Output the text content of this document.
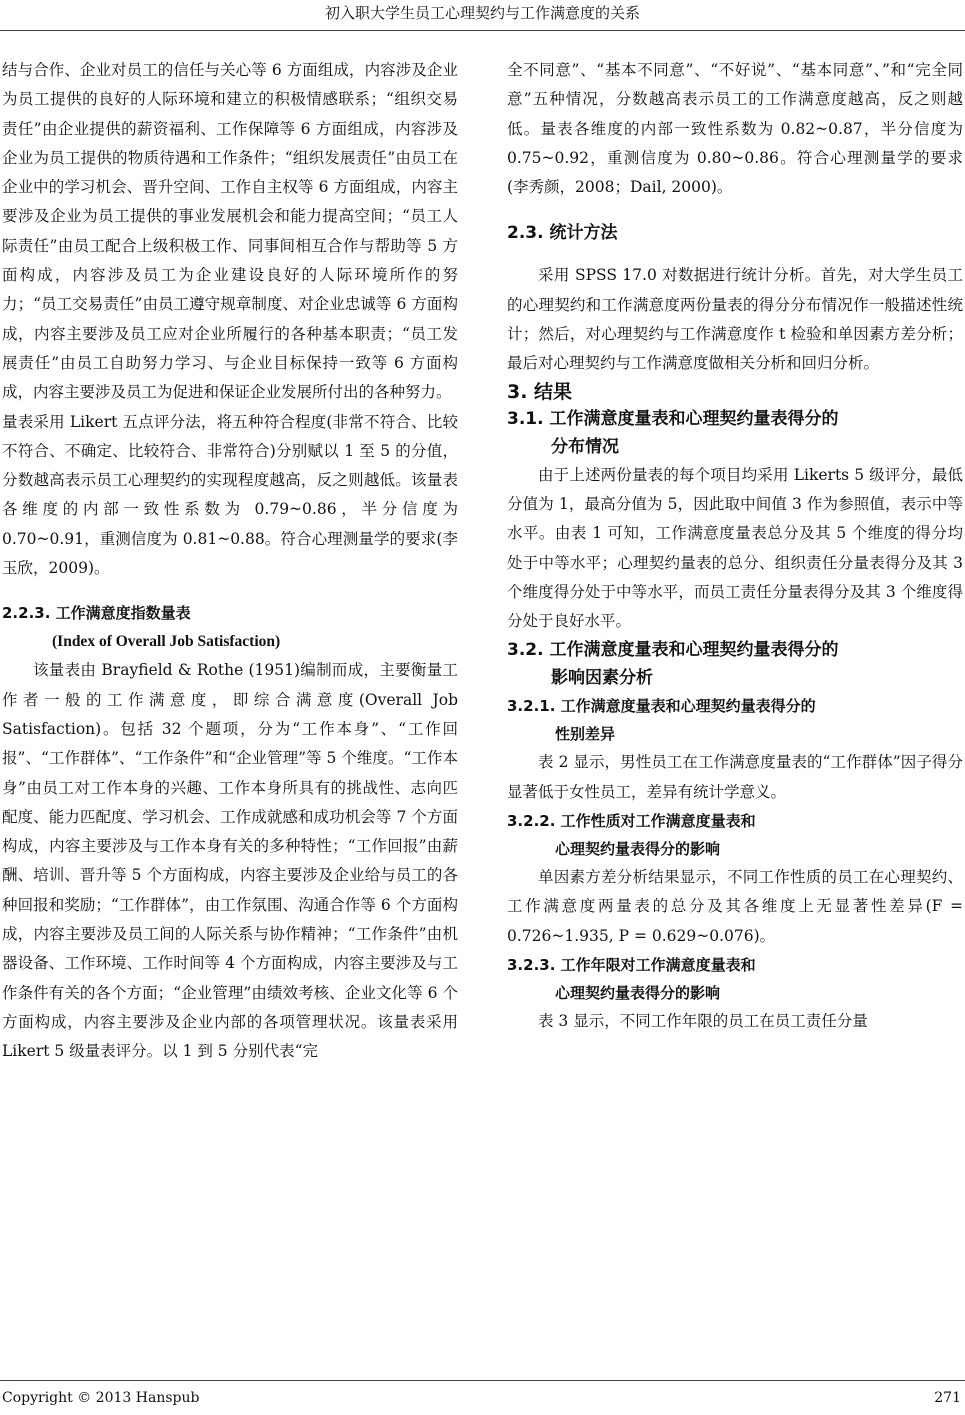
初入职大学生员工心理契约与工作满意度的关系

结与合作、企业对员工的信任与关心等 6 方面组成，内容涉及企业为员工提供的良好的人际环境和建立的积极情感联系；“组织交易责任”由企业提供的薪资福利、工作保障等 6 方面组成，内容涉及企业为员工提供的物质待遇和工作条件；“组织发展责任”由员工在企业中的学习机会、晋升空间、工作自主权等 6 方面组成，内容主要涉及企业为员工提供的事业发展机会和能力提高空间；“员工人际责任”由员工配合上级积极工作、同事间相互合作与帮助等 5 方面构成，内容涉及员工为企业建设良好的人际环境所作的努力；“员工交易责任”由员工遵守规章制度、对企业忠诚等 6 方面构成，内容主要涉及员工应对企业所履行的各种基本职责；“员工发展责任”由员工自助努力学习、与企业目标保持一致等 6 方面构成，内容主要涉及员工为促进和保证企业发展所付出的各种努力。

量表采用 Likert 五点评分法，将五种符合程度(非常不符合、比较不符合、不确定、比较符合、非常符合)分别赋以 1 至 5 的分值，分数越高表示员工心理契约的实现程度越高，反之则越低。该量表各维度的内部一致性系数为 0.79~0.86，半分信度为 0.70~0.91，重测信度为 0.81~0.88。符合心理测量学的要求(李玉欣，2009)。

2.2.3. 工作满意度指数量表

(Index of Overall Job Satisfaction)

该量表由 Brayfield & Rothe (1951)编制而成，主要衡量工作者一般的工作满意度，即综合满意度(Overall Job Satisfaction)。包括 32 个题项，分为“工作本身”、“工作回报”、“工作群体”、“工作条件”和“企业管理”等 5 个维度。“工作本身”由员工对工作本身的兴趣、工作本身所具有的挑战性、志向匹配度、能力匹配度、学习机会、工作成就感和成功机会等 7 个方面构成，内容主要涉及与工作本身有关的多种特性；“工作回报”由薪酬、培训、晋升等 5 个方面构成，内容主要涉及企业给与员工的各种回报和奖励；“工作群体”，由工作氛围、沟通合作等 6 个方面构成，内容主要涉及员工间的人际关系与协作精神；“工作条件”由机器设备、工作环境、工作时间等 4 个方面构成，内容主要涉及与工作条件有关的各个方面；“企业管理”由绩效考核、企业文化等 6 个方面构成，内容主要涉及企业内部的各项管理状况。该量表采用 Likert 5 级量表评分。以 1 到 5 分别代表“完

全不同意”、“基本不同意”、“不好说”、“基本同意”、”和“完全同意”五种情况，分数越高表示员工的工作满意度越高，反之则越低。量表各维度的内部一致性系数为 0.82~0.87，半分信度为 0.75~0.92，重测信度为 0.80~0.86。符合心理测量学的要求 (李秀颜，2008；Dail, 2000)。

2.3. 统计方法

采用 SPSS 17.0 对数据进行统计分析。首先，对大学生员工的心理契约和工作满意度两份量表的得分分布情况作一般描述性统计；然后，对心理契约与工作满意度作 t 检验和单因素方差分析；最后对心理契约与工作满意度做相关分析和回归分析。

3. 结果

3.1. 工作满意度量表和心理契约量表得分的
分布情况

由于上述两份量表的每个项目均采用 Likerts 5 级评分，最低分值为 1，最高分值为 5，因此取中间值 3 作为参照值，表示中等水平。由表 1 可知，工作满意度量表总分及其 5 个维度的得分均处于中等水平；心理契约量表的总分、组织责任分量表得分及其 3 个维度得分处于中等水平，而员工责任分量表得分及其 3 个维度得分处于良好水平。

3.2. 工作满意度量表和心理契约量表得分的
影响因素分析

3.2.1. 工作满意度量表和心理契约量表得分的
性别差异

表 2 显示，男性员工在工作满意度量表的“工作群体”因子得分显著低于女性员工，差异有统计学意义。

3.2.2. 工作性质对工作满意度量表和
心理契约量表得分的影响

单因素方差分析结果显示，不同工作性质的员工在心理契约、工作满意度两量表的总分及其各维度上无显著性差异(F = 0.726~1.935, P = 0.629~0.076)。

3.2.3. 工作年限对工作满意度量表和
心理契约量表得分的影响

表 3 显示，不同工作年限的员工在员工责任分量

Copyright © 2013 Hanspub	271
